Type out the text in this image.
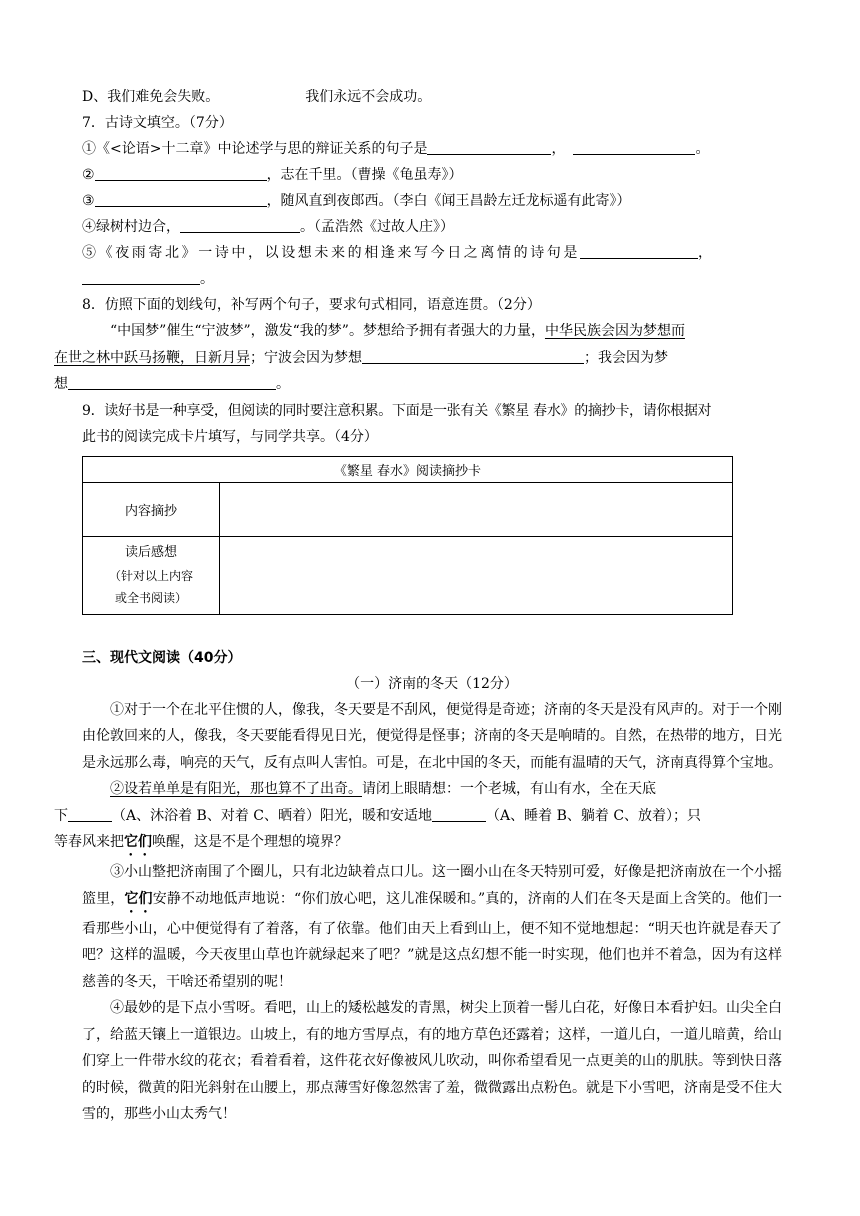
D、我们难免会失败。	我们永远不会成功。
7．古诗文填空。（7分）
①《<论语>十二章》中论述学与思的辩证关系的句子是	，	。
②	，志在千里。（曹操《龟虽寿》）
③	，随风直到夜郎西。（李白《闻王昌龄左迁龙标遥有此寄》）
④绿树村边合，	。（孟浩然《过故人庄》）
⑤《夜雨寄北》一诗中，以设想未来的相逢来写今日之离情的诗句是	，
。
8．仿照下面的划线句，补写两个句子，要求句式相同，语意连贯。（2分）
“中国梦”催生“宁波梦”，激发“我的梦”。梦想给予拥有者强大的力量，中华民族会因为梦想而
在世之林中跃马扬鞭，日新月异；宁波会因为梦想	；我会因为梦
想	。
9．读好书是一种享受，但阅读的同时要注意积累。下面是一张有关《繁星 春水》的摘抄卡，请你根据对
此书的阅读完成卡片填写，与同学共享。（4分）
《繁星 春水》阅读摘抄卡	
内容摘抄	

读后感想
（针对以上内容
或全书阅读）	

三、现代文阅读（40分）
（一）济南的冬天（12分）
①对于一个在北平住惯的人，像我，冬天要是不刮风，便觉得是奇迹；济南的冬天是没有风声的。对于一个刚由伦敦回来的人，像我，冬天要能看得见日光，便觉得是怪事；济南的冬天是响晴的。自然，在热带的地方，日光是永远那么毒，响亮的天气，反有点叫人害怕。可是，在北中国的冬天，而能有温晴的天气，济南真得算个宝地。
②设若单单是有阳光，那也算不了出奇。请闭上眼睛想：一个老城，有山有水，全在天底
下	（A、沐浴着 B、对着 C、晒着）阳光，暖和安适地	（A、睡着 B、躺着 C、放着）；只
等春风来把它们唤醒，这是不是个理想的境界？
③小山整把济南围了个圈儿，只有北边缺着点口儿。这一圈小山在冬天特别可爱，好像是把济南放在一个小摇篮里，它们安静不动地低声地说：“你们放心吧，这儿准保暖和。”真的，济南的人们在冬天是面上含笑的。他们一看那些小山，心中便觉得有了着落，有了依靠。他们由天上看到山上，便不知不觉地想起：“明天也许就是春天了吧？这样的温暖，今天夜里山草也许就绿起来了吧？”就是这点幻想不能一时实现，他们也并不着急，因为有这样慈善的冬天，干啥还希望别的呢！
④最妙的是下点小雪呀。看吧，山上的矮松越发的青黑，树尖上顶着一髻儿白花，好像日本看护妇。山尖全白了，给蓝天镶上一道银边。山坡上，有的地方雪厚点，有的地方草色还露着；这样，一道儿白，一道儿暗黄，给山们穿上一件带水纹的花衣；看着看着，这件花衣好像被风儿吹动，叫你希望看见一点更美的山的肌肤。等到快日落的时候，微黄的阳光斜射在山腰上，那点薄雪好像忽然害了羞，微微露出点粉色。就是下小雪吧，济南是受不住大雪的，那些小山太秀气！
